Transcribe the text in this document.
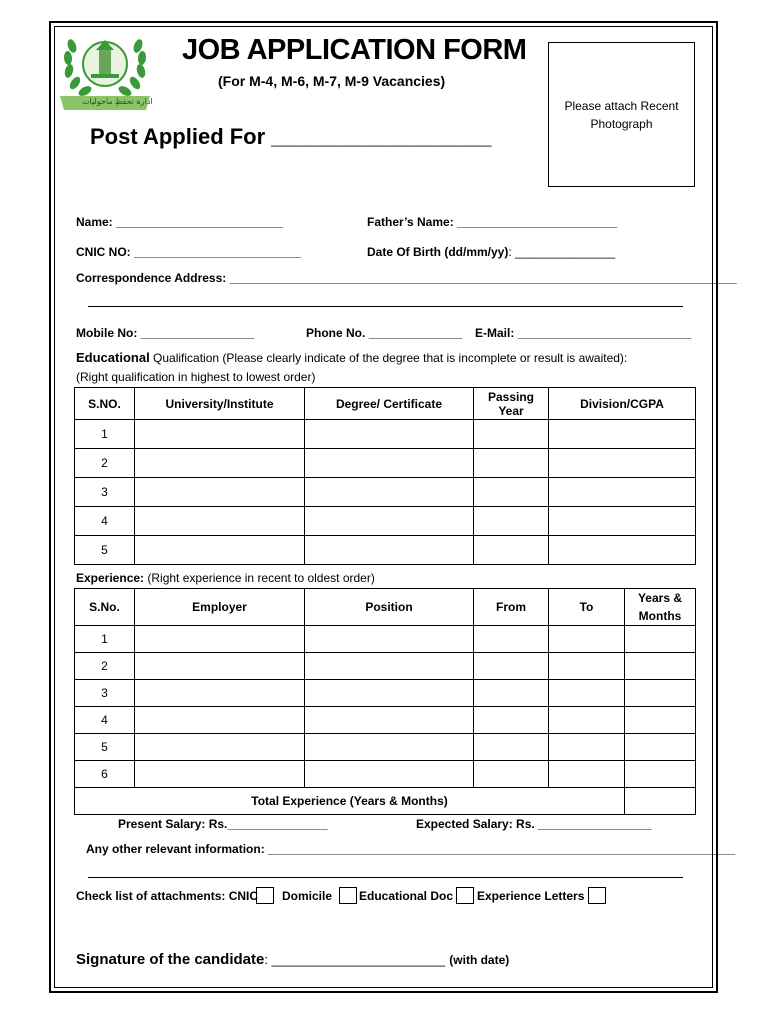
ادارہ تحفظِ ماحولیات
JOB APPLICATION FORM
(For M-4, M-6, M-7, M-9 Vacancies)
Post Applied For __________________
Please attach Recent Photograph
Name: _________________________	Father’s Name: ________________________
CNIC NO: _________________________	Date Of Birth (dd/mm/yy): _______________
Correspondence Address: ____________________________________________________________________________
Mobile No: _________________	Phone No. ______________ E-Mail: __________________________
Educational Qualification (Please clearly indicate of the degree that is incomplete or result is awaited):
(Right qualification in highest to lowest order)
S.NO.	University/Institute	Degree/ Certificate	Passing Year	Division/CGPA
1				
2				
3				
4				
5				
Experience: (Right experience in recent to oldest order)
S.No.	Employer	Position	From	To	Years & Months
1					
2					
3					
4					
5					
6					
Total Experience (Years & Months)					
Present Salary: Rs._______________	Expected Salary: Rs. _________________
Any other relevant information: ______________________________________________________________________
Check list of attachments: CNIC Domicile Educational Doc Experience Letters
Signature of the candidate: ________________________ (with date)
